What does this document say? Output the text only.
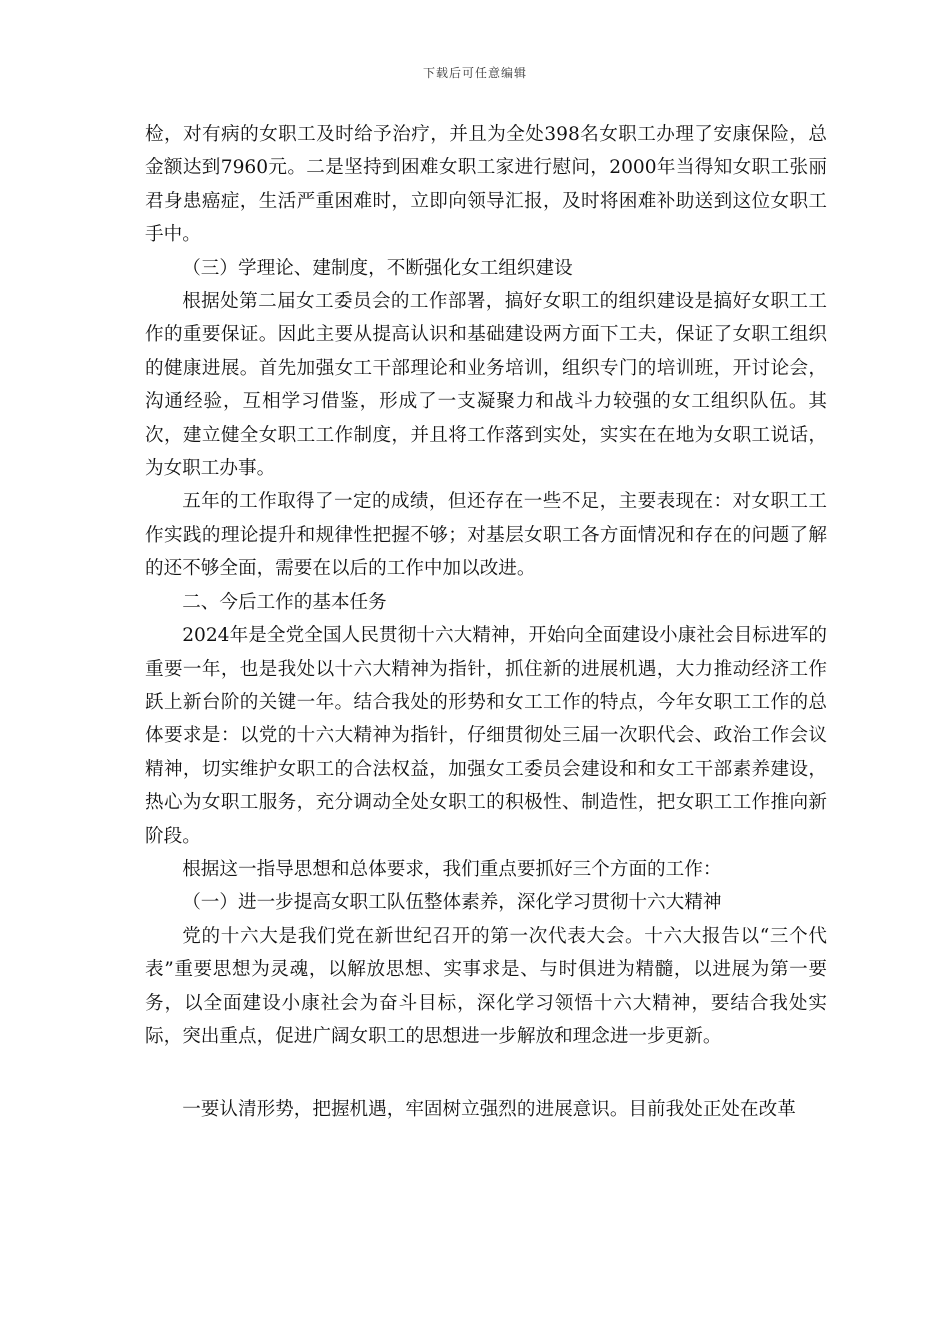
下载后可任意编辑

检，对有病的女职工及时给予治疗，并且为全处398名女职工办理了安康保险，总金额达到7960元。二是坚持到困难女职工家进行慰问，2000年当得知女职工张丽君身患癌症，生活严重困难时，立即向领导汇报，及时将困难补助送到这位女职工手中。

（三）学理论、建制度，不断强化女工组织建设

根据处第二届女工委员会的工作部署，搞好女职工的组织建设是搞好女职工工作的重要保证。因此主要从提高认识和基础建设两方面下工夫，保证了女职工组织的健康进展。首先加强女工干部理论和业务培训，组织专门的培训班，开讨论会，沟通经验，互相学习借鉴，形成了一支凝聚力和战斗力较强的女工组织队伍。其次，建立健全女职工工作制度，并且将工作落到实处，实实在在地为女职工说话，为女职工办事。

五年的工作取得了一定的成绩，但还存在一些不足，主要表现在：对女职工工作实践的理论提升和规律性把握不够；对基层女职工各方面情况和存在的问题了解的还不够全面，需要在以后的工作中加以改进。

二、今后工作的基本任务

2024年是全党全国人民贯彻十六大精神，开始向全面建设小康社会目标进军的重要一年，也是我处以十六大精神为指针，抓住新的进展机遇，大力推动经济工作跃上新台阶的关键一年。结合我处的形势和女工工作的特点，今年女职工工作的总体要求是：以党的十六大精神为指针，仔细贯彻处三届一次职代会、政治工作会议精神，切实维护女职工的合法权益，加强女工委员会建设和和女工干部素养建设，热心为女职工服务，充分调动全处女职工的积极性、制造性，把女职工工作推向新阶段。

根据这一指导思想和总体要求，我们重点要抓好三个方面的工作：

（一）进一步提高女职工队伍整体素养，深化学习贯彻十六大精神

党的十六大是我们党在新世纪召开的第一次代表大会。十六大报告以“三个代表”重要思想为灵魂，以解放思想、实事求是、与时俱进为精髓，以进展为第一要务，以全面建设小康社会为奋斗目标，深化学习领悟十六大精神，要结合我处实际，突出重点，促进广阔女职工的思想进一步解放和理念进一步更新。

一要认清形势，把握机遇，牢固树立强烈的进展意识。目前我处正处在改革
